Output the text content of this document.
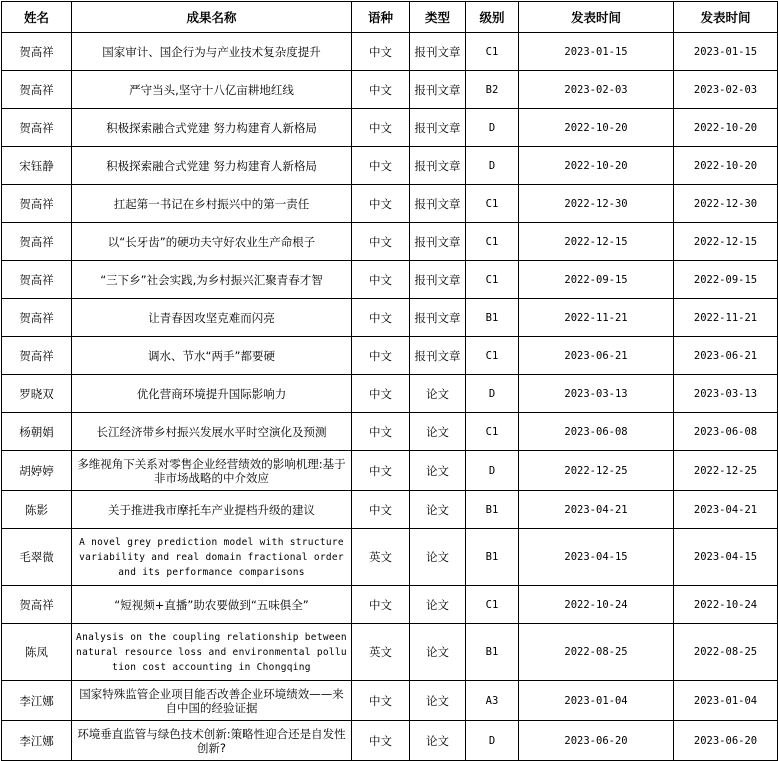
姓名	成果名称	语种	类型	级别	发表时间	发表时间
贺高祥	国家审计、国企行为与产业技术复杂度提升	中文	报刊文章	C1	2023-01-15	2023-01-15
贺高祥	严守当头,坚守十八亿亩耕地红线	中文	报刊文章	B2	2023-02-03	2023-02-03
贺高祥	积极探索融合式党建 努力构建育人新格局	中文	报刊文章	D	2022-10-20	2022-10-20
宋钰静	积极探索融合式党建 努力构建育人新格局	中文	报刊文章	D	2022-10-20	2022-10-20
贺高祥	扛起第一书记在乡村振兴中的第一责任	中文	报刊文章	C1	2022-12-30	2022-12-30
贺高祥	以“长牙齿”的硬功夫守好农业生产命根子	中文	报刊文章	C1	2022-12-15	2022-12-15
贺高祥	“三下乡”社会实践,为乡村振兴汇聚青春才智	中文	报刊文章	C1	2022-09-15	2022-09-15
贺高祥	让青春因攻坚克难而闪亮	中文	报刊文章	B1	2022-11-21	2022-11-21
贺高祥	调水、节水“两手”都要硬	中文	报刊文章	C1	2023-06-21	2023-06-21
罗晓双	优化营商环境提升国际影响力	中文	论文	D	2023-03-13	2023-03-13
杨朝娟	长江经济带乡村振兴发展水平时空演化及预测	中文	论文	C1	2023-06-08	2023-06-08
胡婷婷	多维视角下关系对零售企业经营绩效的影响机理:基于非市场战略的中介效应	中文	论文	D	2022-12-25	2022-12-25
陈影	关于推进我市摩托车产业提档升级的建议	中文	论文	B1	2023-04-21	2023-04-21
毛翠微	A novel grey prediction model with structure variability and real domain fractional order and its performance comparisons	英文	论文	B1	2023-04-15	2023-04-15
贺高祥	“短视频+直播”助农要做到“五味俱全”	中文	论文	C1	2022-10-24	2022-10-24
陈凤	Analysis on the coupling relationship between natural resource loss and environmental pollution cost accounting in Chongqing	英文	论文	B1	2022-08-25	2022-08-25
李江娜	国家特殊监管企业项目能否改善企业环境绩效——来自中国的经验证据	中文	论文	A3	2023-01-04	2023-01-04
李江娜	环境垂直监管与绿色技术创新:策略性迎合还是自发性创新?	中文	论文	D	2023-06-20	2023-06-20
